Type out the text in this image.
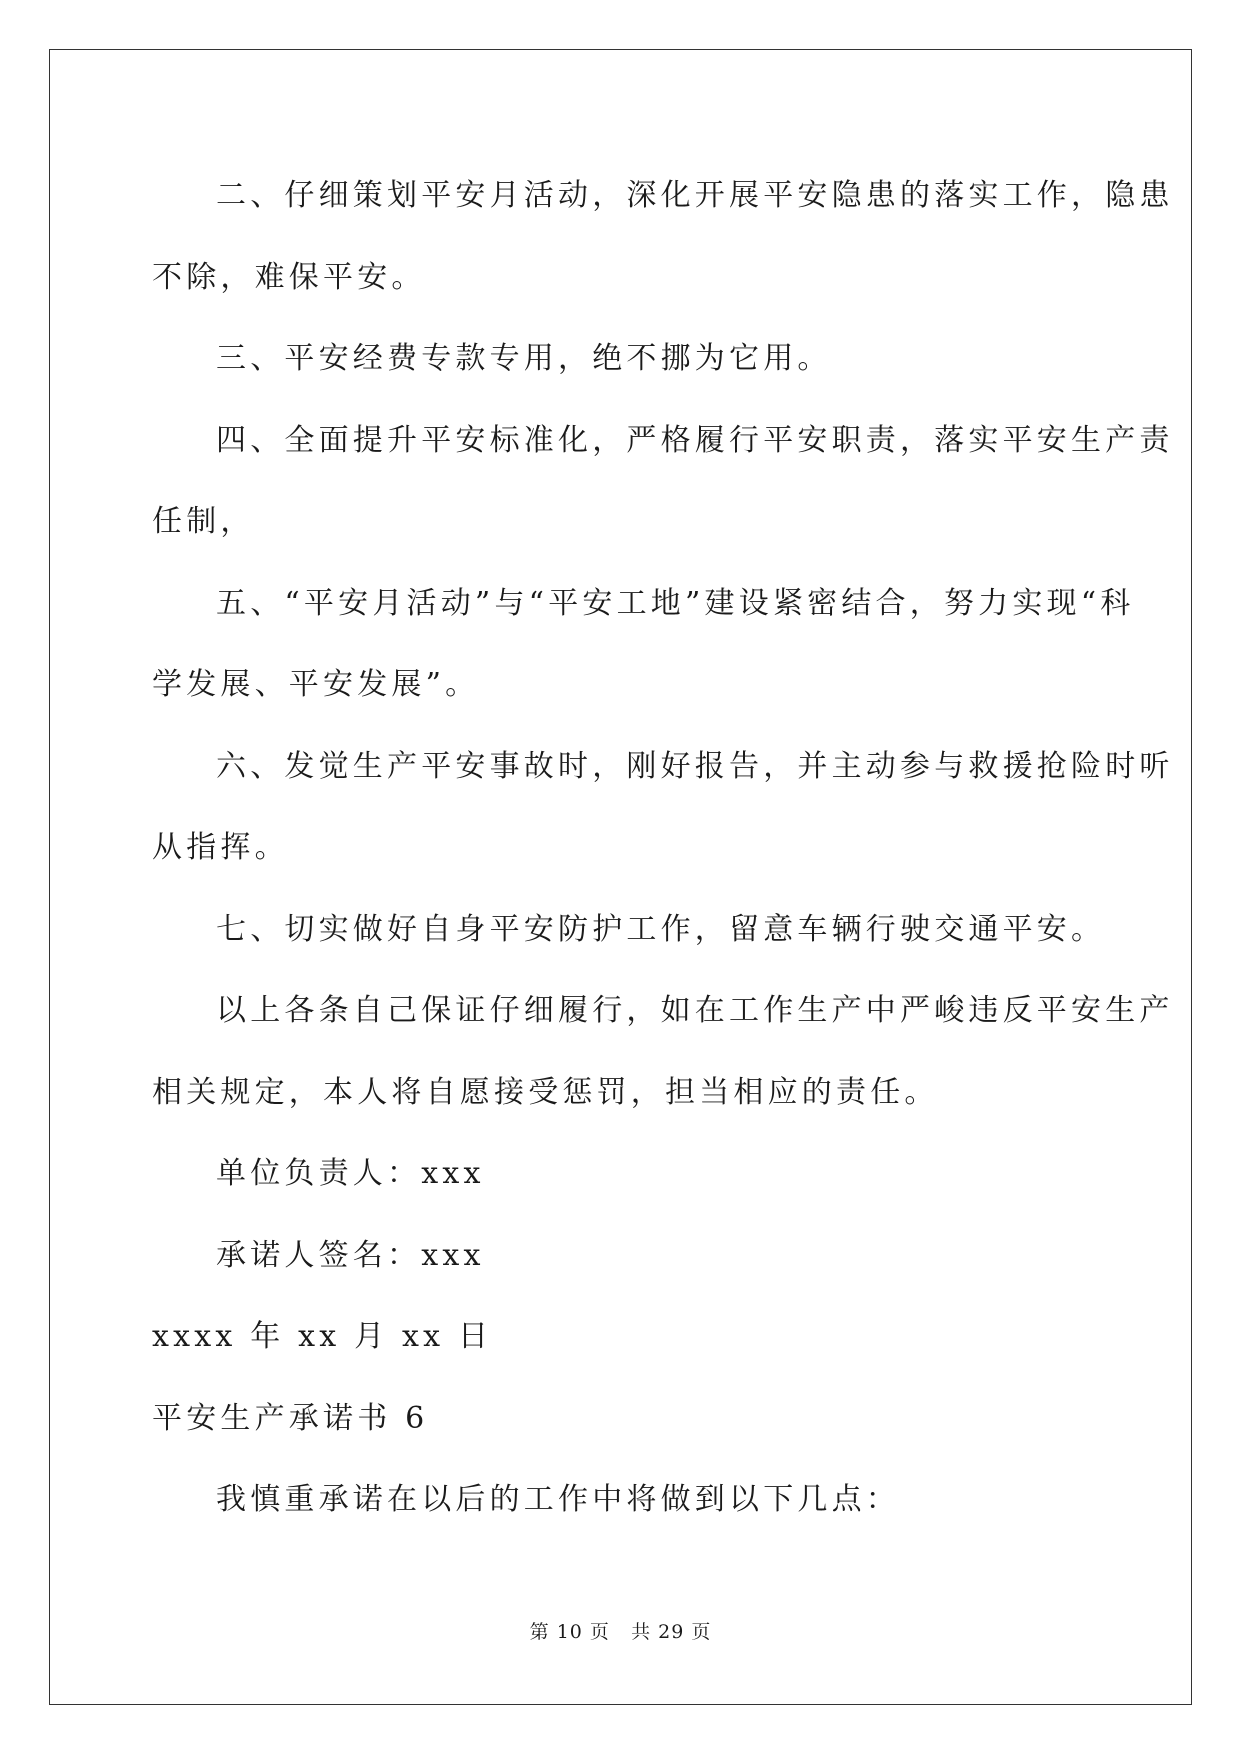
二、仔细策划平安月活动，深化开展平安隐患的落实工作，隐患
不除，难保平安。
三、平安经费专款专用，绝不挪为它用。
四、全面提升平安标准化，严格履行平安职责，落实平安生产责
任制，
五、“平安月活动”与“平安工地”建设紧密结合，努力实现“科
学发展、平安发展”。
六、发觉生产平安事故时，刚好报告，并主动参与救援抢险时听
从指挥。
七、切实做好自身平安防护工作，留意车辆行驶交通平安。
以上各条自己保证仔细履行，如在工作生产中严峻违反平安生产
相关规定，本人将自愿接受惩罚，担当相应的责任。
单位负责人：xxx
承诺人签名：xxx
xxxx 年 xx 月 xx 日
平安生产承诺书 6
我慎重承诺在以后的工作中将做到以下几点：
第 10 页 共 29 页
